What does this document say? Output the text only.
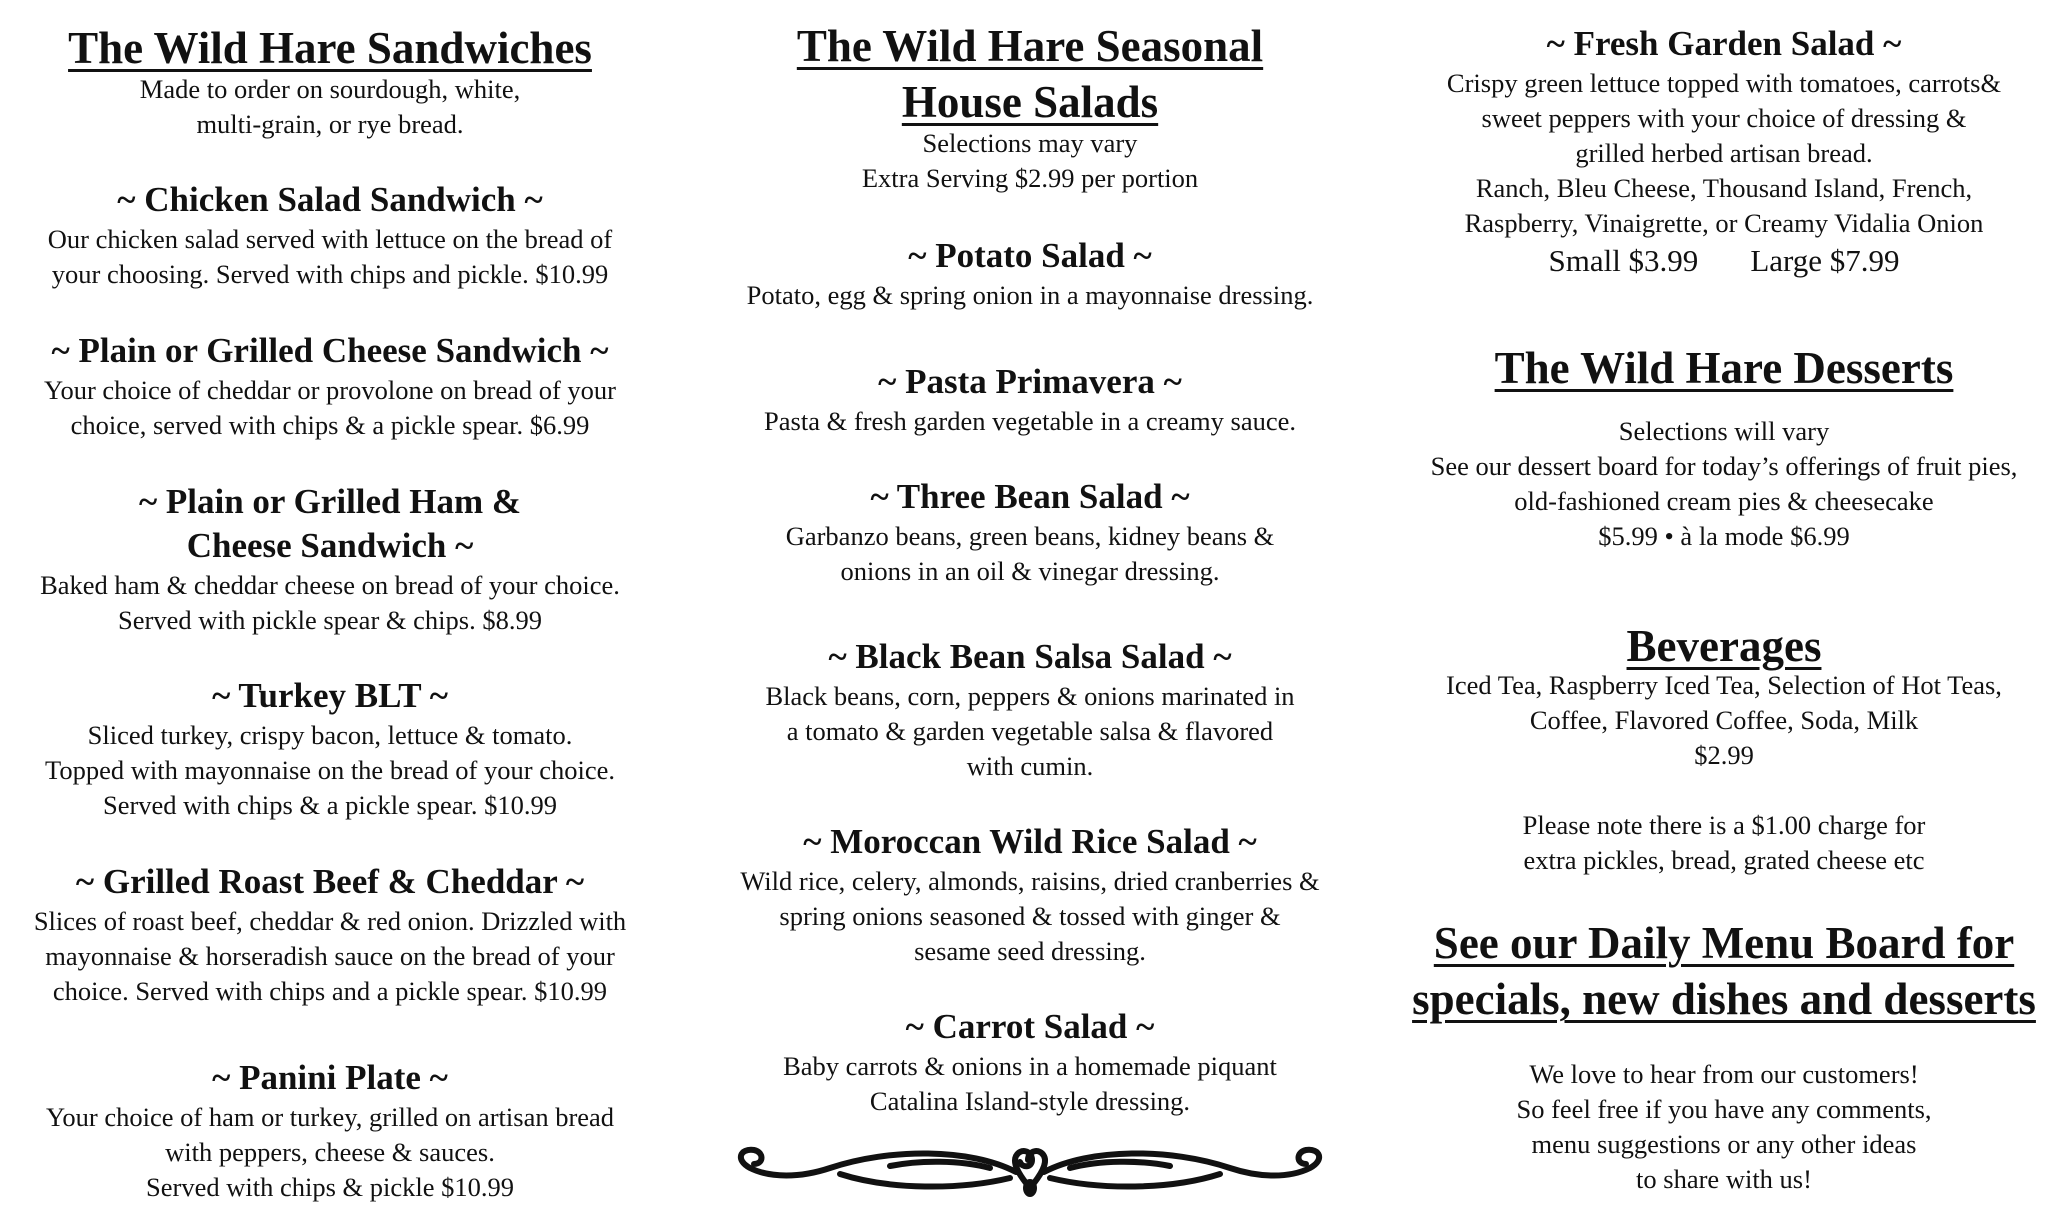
The Wild Hare Sandwiches

Made to order on sourdough, white,

multi-grain, or rye bread.

~ Chicken Salad Sandwich ~

Our chicken salad served with lettuce on the bread of

your choosing. Served with chips and pickle. $10.99

~ Plain or Grilled Cheese Sandwich ~

Your choice of cheddar or provolone on bread of your

choice, served with chips & a pickle spear. $6.99

~ Plain or Grilled Ham &

Cheese Sandwich ~

Baked ham & cheddar cheese on bread of your choice.

Served with pickle spear & chips. $8.99

~ Turkey BLT ~

Sliced turkey, crispy bacon, lettuce & tomato.

Topped with mayonnaise on the bread of your choice.

Served with chips & a pickle spear. $10.99

~ Grilled Roast Beef & Cheddar ~

Slices of roast beef, cheddar & red onion. Drizzled with

mayonnaise & horseradish sauce on the bread of your

choice. Served with chips and a pickle spear. $10.99

~ Panini Plate ~

Your choice of ham or turkey, grilled on artisan bread

with peppers, cheese & sauces.

Served with chips & pickle $10.99

The Wild Hare Seasonal

House Salads

Selections may vary

Extra Serving $2.99 per portion

~ Potato Salad ~

Potato, egg & spring onion in a mayonnaise dressing.

~ Pasta Primavera ~

Pasta & fresh garden vegetable in a creamy sauce.

~ Three Bean Salad ~

Garbanzo beans, green beans, kidney beans &

onions in an oil & vinegar dressing.

~ Black Bean Salsa Salad ~

Black beans, corn, peppers & onions marinated in

a tomato & garden vegetable salsa & flavored

with cumin.

~ Moroccan Wild Rice Salad ~

Wild rice, celery, almonds, raisins, dried cranberries &

spring onions seasoned & tossed with ginger &

sesame seed dressing.

~ Carrot Salad ~

Baby carrots & onions in a homemade piquant

Catalina Island-style dressing.

~ Fresh Garden Salad ~

Crispy green lettuce topped with tomatoes, carrots&

sweet peppers with your choice of dressing &

grilled herbed artisan bread.

Ranch, Bleu Cheese, Thousand Island, French,

Raspberry, Vinaigrette, or Creamy Vidalia Onion

Small $3.99 Large $7.99

The Wild Hare Desserts

Selections will vary

See our dessert board for today’s offerings of fruit pies,

old-fashioned cream pies & cheesecake

$5.99 • à la mode $6.99

Beverages

Iced Tea, Raspberry Iced Tea, Selection of Hot Teas,

Coffee, Flavored Coffee, Soda, Milk

$2.99

Please note there is a $1.00 charge for

extra pickles, bread, grated cheese etc

See our Daily Menu Board for

specials, new dishes and desserts

We love to hear from our customers!

So feel free if you have any comments,

menu suggestions or any other ideas

to share with us!
